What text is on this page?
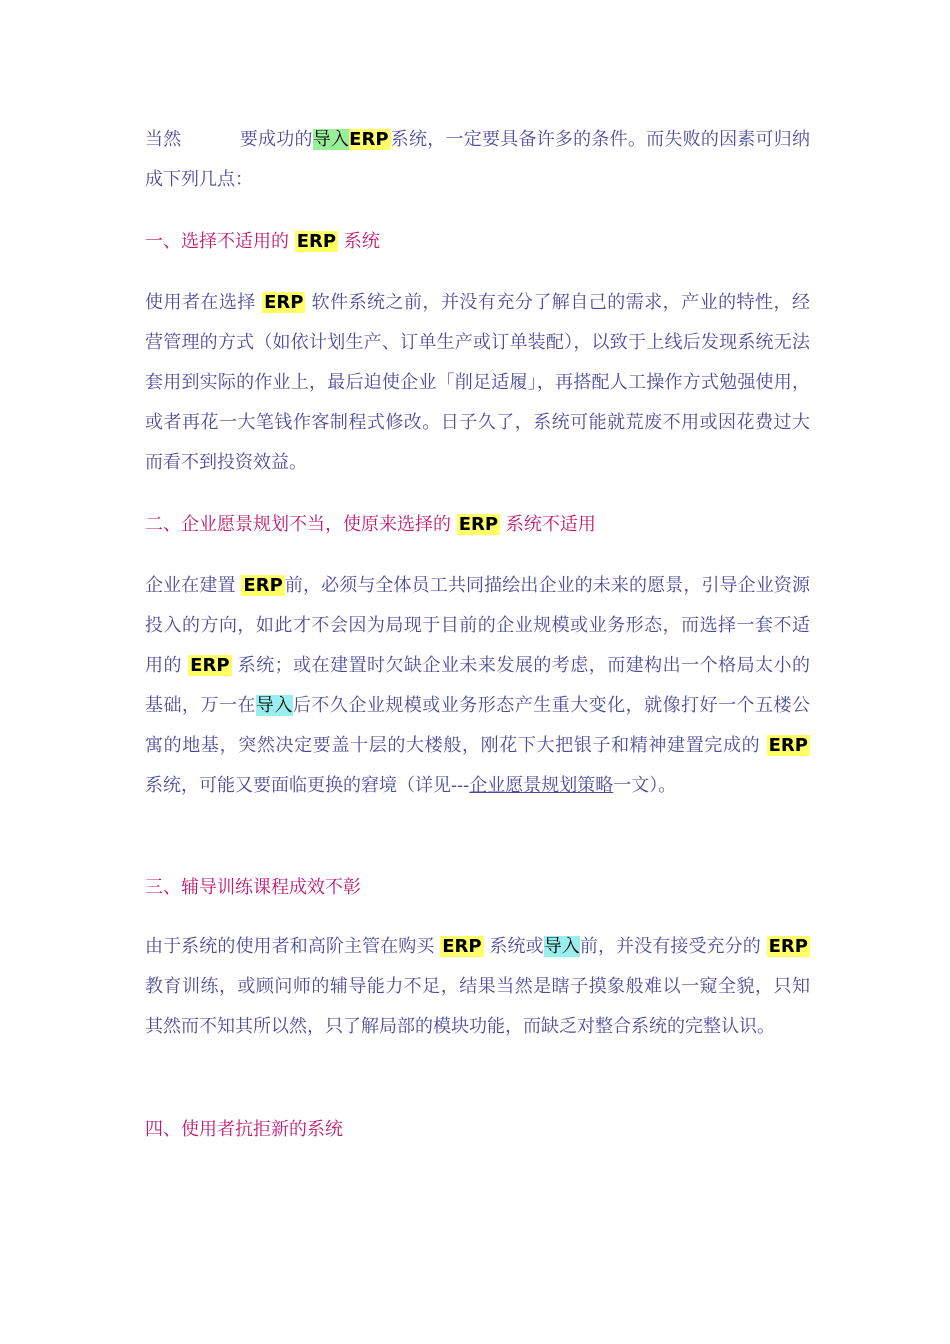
当然	要成功的导入ERP 系统，一定要具备许多的条件。而失败的因素可归纳成下列几点：
一、选择不适用的 ERP 系统
使用者在选择 ERP 软件系统之前，并没有充分了解自己的需求，产业的特性，经营管理的方式（如依计划生产、订单生产或订单装配），以致于上线后发现系统无法套用到实际的作业上，最后迫使企业「削足适履」，再搭配人工操作方式勉强使用，或者再花一大笔钱作客制程式修改。日子久了，系统可能就荒废不用或因花费过大而看不到投资效益。
二、企业愿景规划不当，使原来选择的 ERP 系统不适用
企业在建置 ERP 前，必须与全体员工共同描绘出企业的未来的愿景，引导企业资源投入的方向，如此才不会因为局现于目前的企业规模或业务形态，而选择一套不适用的 ERP 系统；或在建置时欠缺企业未来发展的考虑，而建构出一个格局太小的基础，万一在导入后不久企业规模或业务形态产生重大变化，就像打好一个五楼公寓的地基，突然决定要盖十层的大楼般，刚花下大把银子和精神建置完成的 ERP 系统，可能又要面临更换的窘境（详见---企业愿景规划策略一文）。
三、辅导训练课程成效不彰
由于系统的使用者和高阶主管在购买 ERP 系统或导入前，并没有接受充分的 ERP 教育训练，或顾问师的辅导能力不足，结果当然是瞎子摸象般难以一窥全貌，只知其然而不知其所以然，只了解局部的模块功能，而缺乏对整合系统的完整认识。
四、使用者抗拒新的系统
